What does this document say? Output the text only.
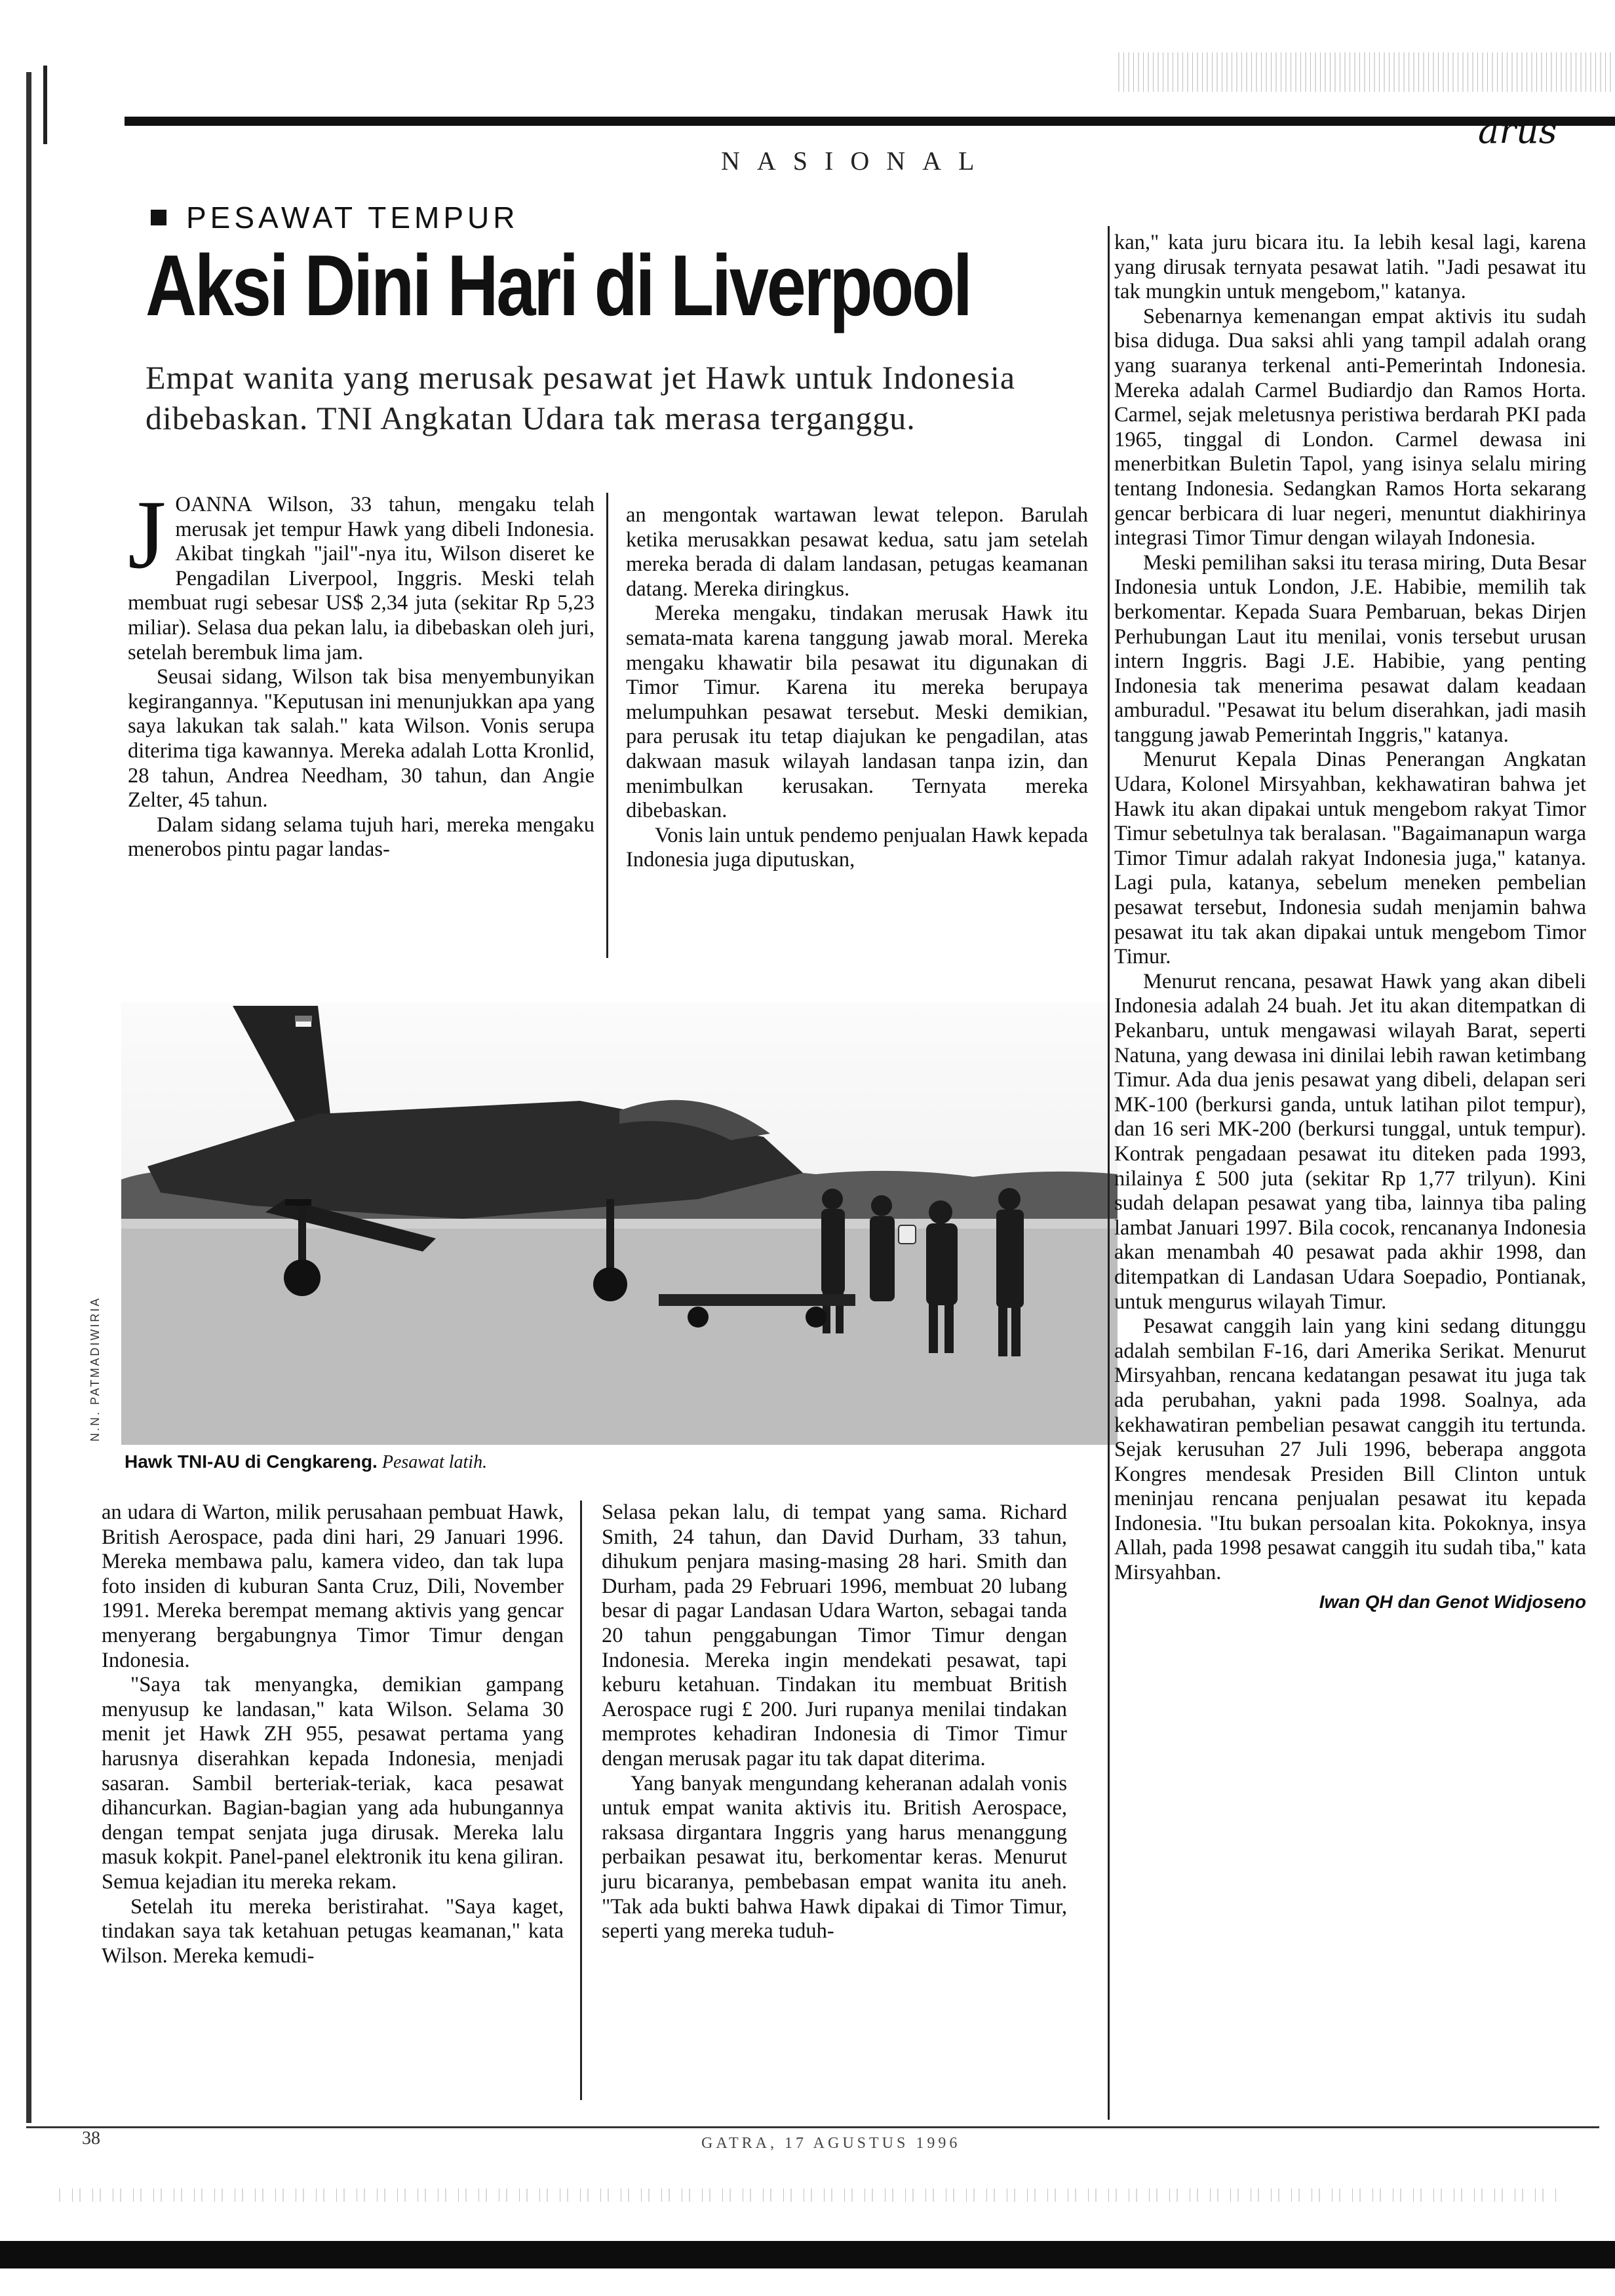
arus
NASIONAL
PESAWAT TEMPUR
Aksi Dini Hari di Liverpool
Empat wanita yang merusak pesawat jet Hawk untuk Indonesia dibebaskan. TNI Angkatan Udara tak merasa terganggu.

JOANNA Wilson, 33 tahun, mengaku telah merusak jet tempur Hawk yang dibeli Indonesia. Akibat tingkah "jail"-nya itu, Wilson diseret ke Pengadilan Liverpool, Inggris. Meski telah membuat rugi sebesar US$ 2,34 juta (sekitar Rp 5,23 miliar). Selasa dua pekan lalu, ia dibebaskan oleh juri, setelah berembuk lima jam.

Seusai sidang, Wilson tak bisa menyembunyikan kegirangannya. "Keputusan ini menunjukkan apa yang saya lakukan tak salah." kata Wilson. Vonis serupa diterima tiga kawannya. Mereka adalah Lotta Kronlid, 28 tahun, Andrea Needham, 30 tahun, dan Angie Zelter, 45 tahun.

Dalam sidang selama tujuh hari, mereka mengaku menerobos pintu pagar landas-

an mengontak wartawan lewat telepon. Barulah ketika merusakkan pesawat kedua, satu jam setelah mereka berada di dalam landasan, petugas keamanan datang. Mereka diringkus.

Mereka mengaku, tindakan merusak Hawk itu semata-mata karena tanggung jawab moral. Mereka mengaku khawatir bila pesawat itu digunakan di Timor Timur. Karena itu mereka berupaya melumpuhkan pesawat tersebut. Meski demikian, para perusak itu tetap diajukan ke pengadilan, atas dakwaan masuk wilayah landasan tanpa izin, dan menimbulkan kerusakan. Ternyata mereka dibebaskan.

Vonis lain untuk pendemo penjualan Hawk kepada Indonesia juga diputuskan,

N.N. PATMADIWIRIA
Hawk TNI-AU di Cengkareng. Pesawat latih.

an udara di Warton, milik perusahaan pembuat Hawk, British Aerospace, pada dini hari, 29 Januari 1996. Mereka membawa palu, kamera video, dan tak lupa foto insiden di kuburan Santa Cruz, Dili, November 1991. Mereka berempat memang aktivis yang gencar menyerang bergabungnya Timor Timur dengan Indonesia.

"Saya tak menyangka, demikian gampang menyusup ke landasan," kata Wilson. Selama 30 menit jet Hawk ZH 955, pesawat pertama yang harusnya diserahkan kepada Indonesia, menjadi sasaran. Sambil berteriak-teriak, kaca pesawat dihancurkan. Bagian-bagian yang ada hubungannya dengan tempat senjata juga dirusak. Mereka lalu masuk kokpit. Panel-panel elektronik itu kena giliran. Semua kejadian itu mereka rekam.

Setelah itu mereka beristirahat. "Saya kaget, tindakan saya tak ketahuan petugas keamanan," kata Wilson. Mereka kemudi-

Selasa pekan lalu, di tempat yang sama. Richard Smith, 24 tahun, dan David Durham, 33 tahun, dihukum penjara masing-masing 28 hari. Smith dan Durham, pada 29 Februari 1996, membuat 20 lubang besar di pagar Landasan Udara Warton, sebagai tanda 20 tahun penggabungan Timor Timur dengan Indonesia. Mereka ingin mendekati pesawat, tapi keburu ketahuan. Tindakan itu membuat British Aerospace rugi £ 200. Juri rupanya menilai tindakan memprotes kehadiran Indonesia di Timor Timur dengan merusak pagar itu tak dapat diterima.

Yang banyak mengundang keheranan adalah vonis untuk empat wanita aktivis itu. British Aerospace, raksasa dirgantara Inggris yang harus menanggung perbaikan pesawat itu, berkomentar keras. Menurut juru bicaranya, pembebasan empat wanita itu aneh. "Tak ada bukti bahwa Hawk dipakai di Timor Timur, seperti yang mereka tuduh-

kan," kata juru bicara itu. Ia lebih kesal lagi, karena yang dirusak ternyata pesawat latih. "Jadi pesawat itu tak mungkin untuk mengebom," katanya.

Sebenarnya kemenangan empat aktivis itu sudah bisa diduga. Dua saksi ahli yang tampil adalah orang yang suaranya terkenal anti-Pemerintah Indonesia. Mereka adalah Carmel Budiardjo dan Ramos Horta. Carmel, sejak meletusnya peristiwa berdarah PKI pada 1965, tinggal di London. Carmel dewasa ini menerbitkan Buletin Tapol, yang isinya selalu miring tentang Indonesia. Sedangkan Ramos Horta sekarang gencar berbicara di luar negeri, menuntut diakhirinya integrasi Timor Timur dengan wilayah Indonesia.

Meski pemilihan saksi itu terasa miring, Duta Besar Indonesia untuk London, J.E. Habibie, memilih tak berkomentar. Kepada Suara Pembaruan, bekas Dirjen Perhubungan Laut itu menilai, vonis tersebut urusan intern Inggris. Bagi J.E. Habibie, yang penting Indonesia tak menerima pesawat dalam keadaan amburadul. "Pesawat itu belum diserahkan, jadi masih tanggung jawab Pemerintah Inggris," katanya.

Menurut Kepala Dinas Penerangan Angkatan Udara, Kolonel Mirsyahban, kekhawatiran bahwa jet Hawk itu akan dipakai untuk mengebom rakyat Timor Timur sebetulnya tak beralasan. "Bagaimanapun warga Timor Timur adalah rakyat Indonesia juga," katanya. Lagi pula, katanya, sebelum meneken pembelian pesawat tersebut, Indonesia sudah menjamin bahwa pesawat itu tak akan dipakai untuk mengebom Timor Timur.

Menurut rencana, pesawat Hawk yang akan dibeli Indonesia adalah 24 buah. Jet itu akan ditempatkan di Pekanbaru, untuk mengawasi wilayah Barat, seperti Natuna, yang dewasa ini dinilai lebih rawan ketimbang Timur. Ada dua jenis pesawat yang dibeli, delapan seri MK-100 (berkursi ganda, untuk latihan pilot tempur), dan 16 seri MK-200 (berkursi tunggal, untuk tempur). Kontrak pengadaan pesawat itu diteken pada 1993, nilainya £ 500 juta (sekitar Rp 1,77 trilyun). Kini sudah delapan pesawat yang tiba, lainnya tiba paling lambat Januari 1997. Bila cocok, rencananya Indonesia akan menambah 40 pesawat pada akhir 1998, dan ditempatkan di Landasan Udara Soepadio, Pontianak, untuk mengurus wilayah Timur.

Pesawat canggih lain yang kini sedang ditunggu adalah sembilan F-16, dari Amerika Serikat. Menurut Mirsyahban, rencana kedatangan pesawat itu juga tak ada perubahan, yakni pada 1998. Soalnya, ada kekhawatiran pembelian pesawat canggih itu tertunda. Sejak kerusuhan 27 Juli 1996, beberapa anggota Kongres mendesak Presiden Bill Clinton untuk meninjau rencana penjualan pesawat itu kepada Indonesia. "Itu bukan persoalan kita. Pokoknya, insya Allah, pada 1998 pesawat canggih itu sudah tiba," kata Mirsyahban.

Iwan QH dan Genot Widjoseno

38	GATRA, 17 AGUSTUS 1996
